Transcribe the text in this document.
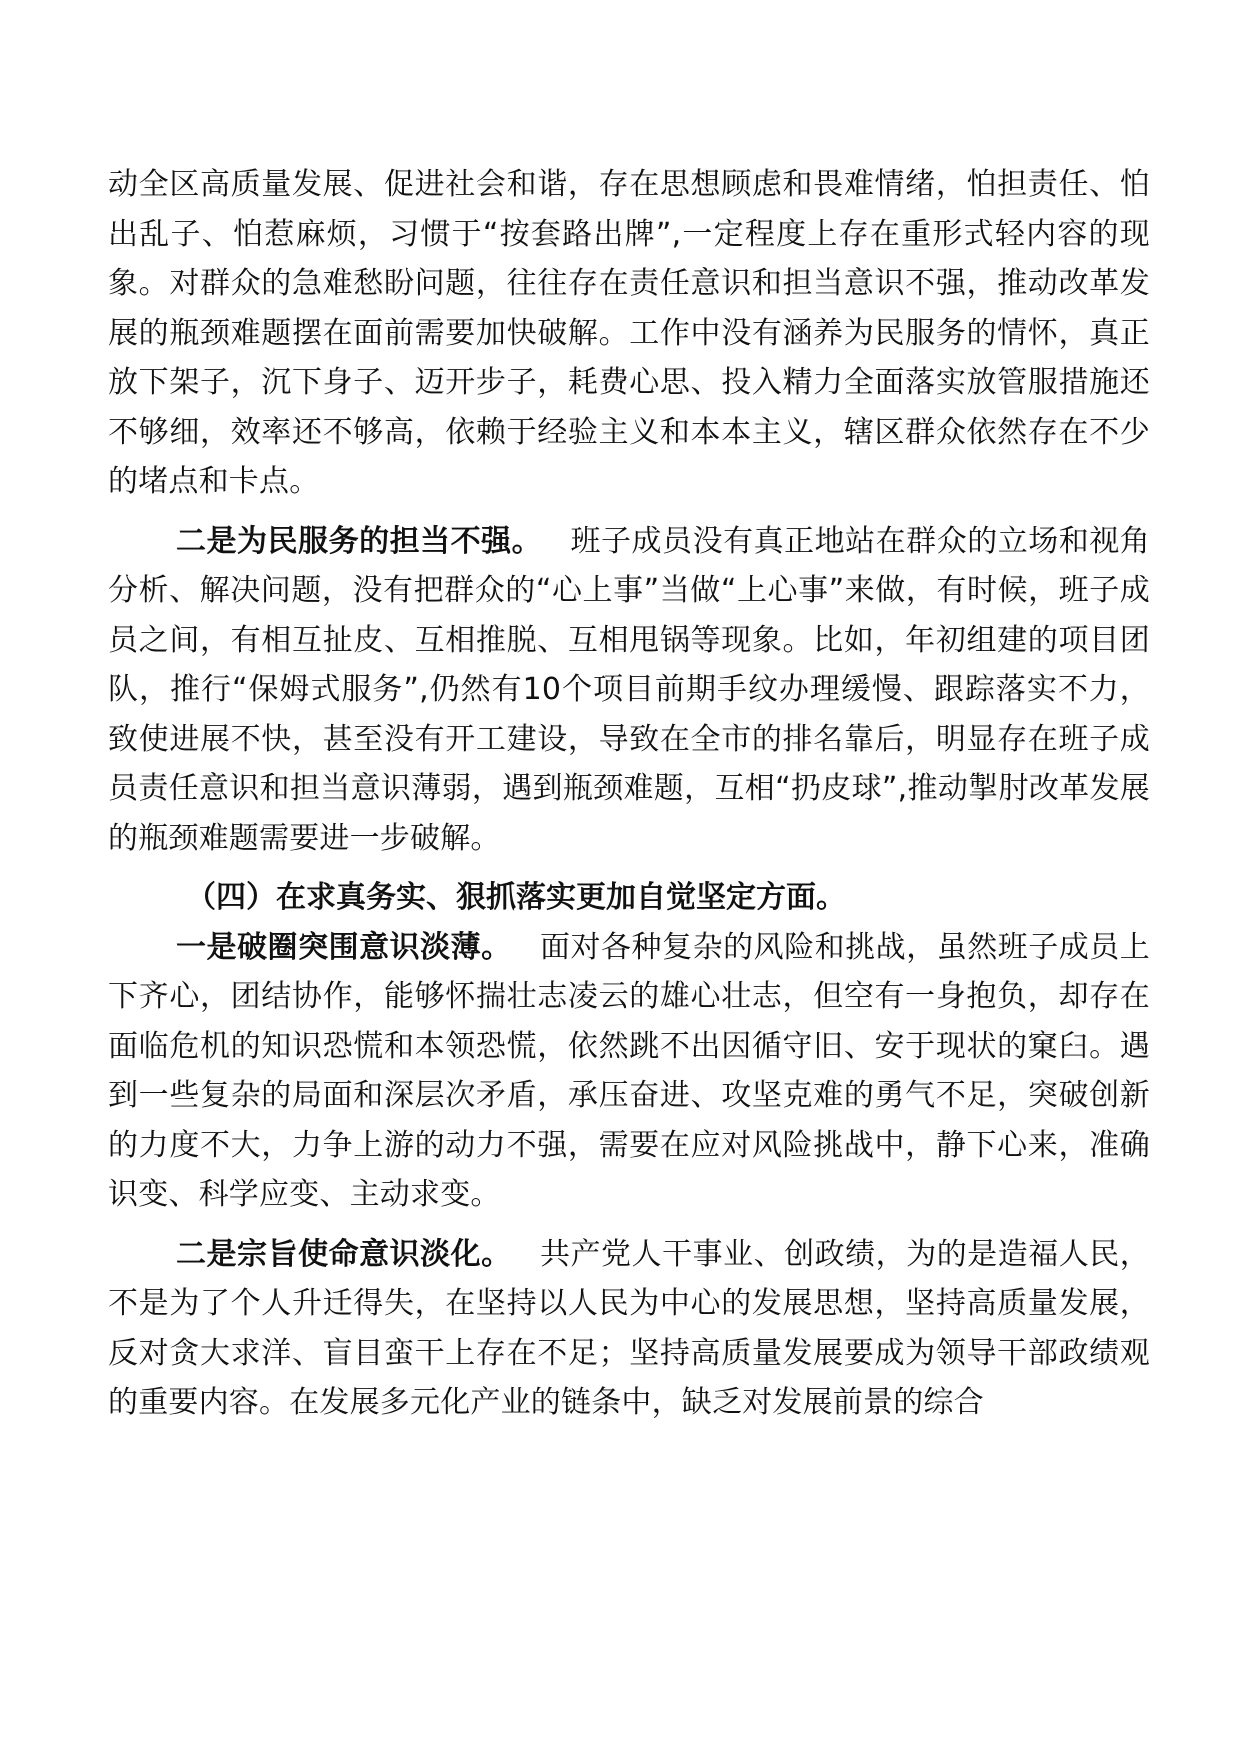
动全区高质量发展、促进社会和谐，存在思想顾虑和畏难情绪，怕担责任、怕出乱子、怕惹麻烦，习惯于“按套路出牌”,一定程度上存在重形式轻内容的现象。对群众的急难愁盼问题，往往存在责任意识和担当意识不强，推动改革发展的瓶颈难题摆在面前需要加快破解。工作中没有涵养为民服务的情怀，真正放下架子，沉下身子、迈开步子，耗费心思、投入精力全面落实放管服措施还不够细，效率还不够高，依赖于经验主义和本本主义，辖区群众依然存在不少的堵点和卡点。

二是为民服务的担当不强。 班子成员没有真正地站在群众的立场和视角分析、解决问题，没有把群众的“心上事”当做“上心事”来做，有时候，班子成员之间，有相互扯皮、互相推脱、互相甩锅等现象。比如，年初组建的项目团队，推行“保姆式服务”,仍然有10个项目前期手纹办理缓慢、跟踪落实不力，致使进展不快，甚至没有开工建设，导致在全市的排名靠后，明显存在班子成员责任意识和担当意识薄弱，遇到瓶颈难题，互相“扔皮球”,推动掣肘改革发展的瓶颈难题需要进一步破解。

（四）在求真务实、狠抓落实更加自觉坚定方面。

一是破圈突围意识淡薄。 面对各种复杂的风险和挑战，虽然班子成员上下齐心，团结协作，能够怀揣壮志凌云的雄心壮志，但空有一身抱负，却存在面临危机的知识恐慌和本领恐慌，依然跳不出因循守旧、安于现状的窠臼。遇到一些复杂的局面和深层次矛盾，承压奋进、攻坚克难的勇气不足，突破创新的力度不大，力争上游的动力不强，需要在应对风险挑战中，静下心来，准确识变、科学应变、主动求变。

二是宗旨使命意识淡化。 共产党人干事业、创政绩，为的是造福人民，不是为了个人升迁得失，在坚持以人民为中心的发展思想，坚持高质量发展，反对贪大求洋、盲目蛮干上存在不足；坚持高质量发展要成为领导干部政绩观的重要内容。在发展多元化产业的链条中，缺乏对发展前景的综合
